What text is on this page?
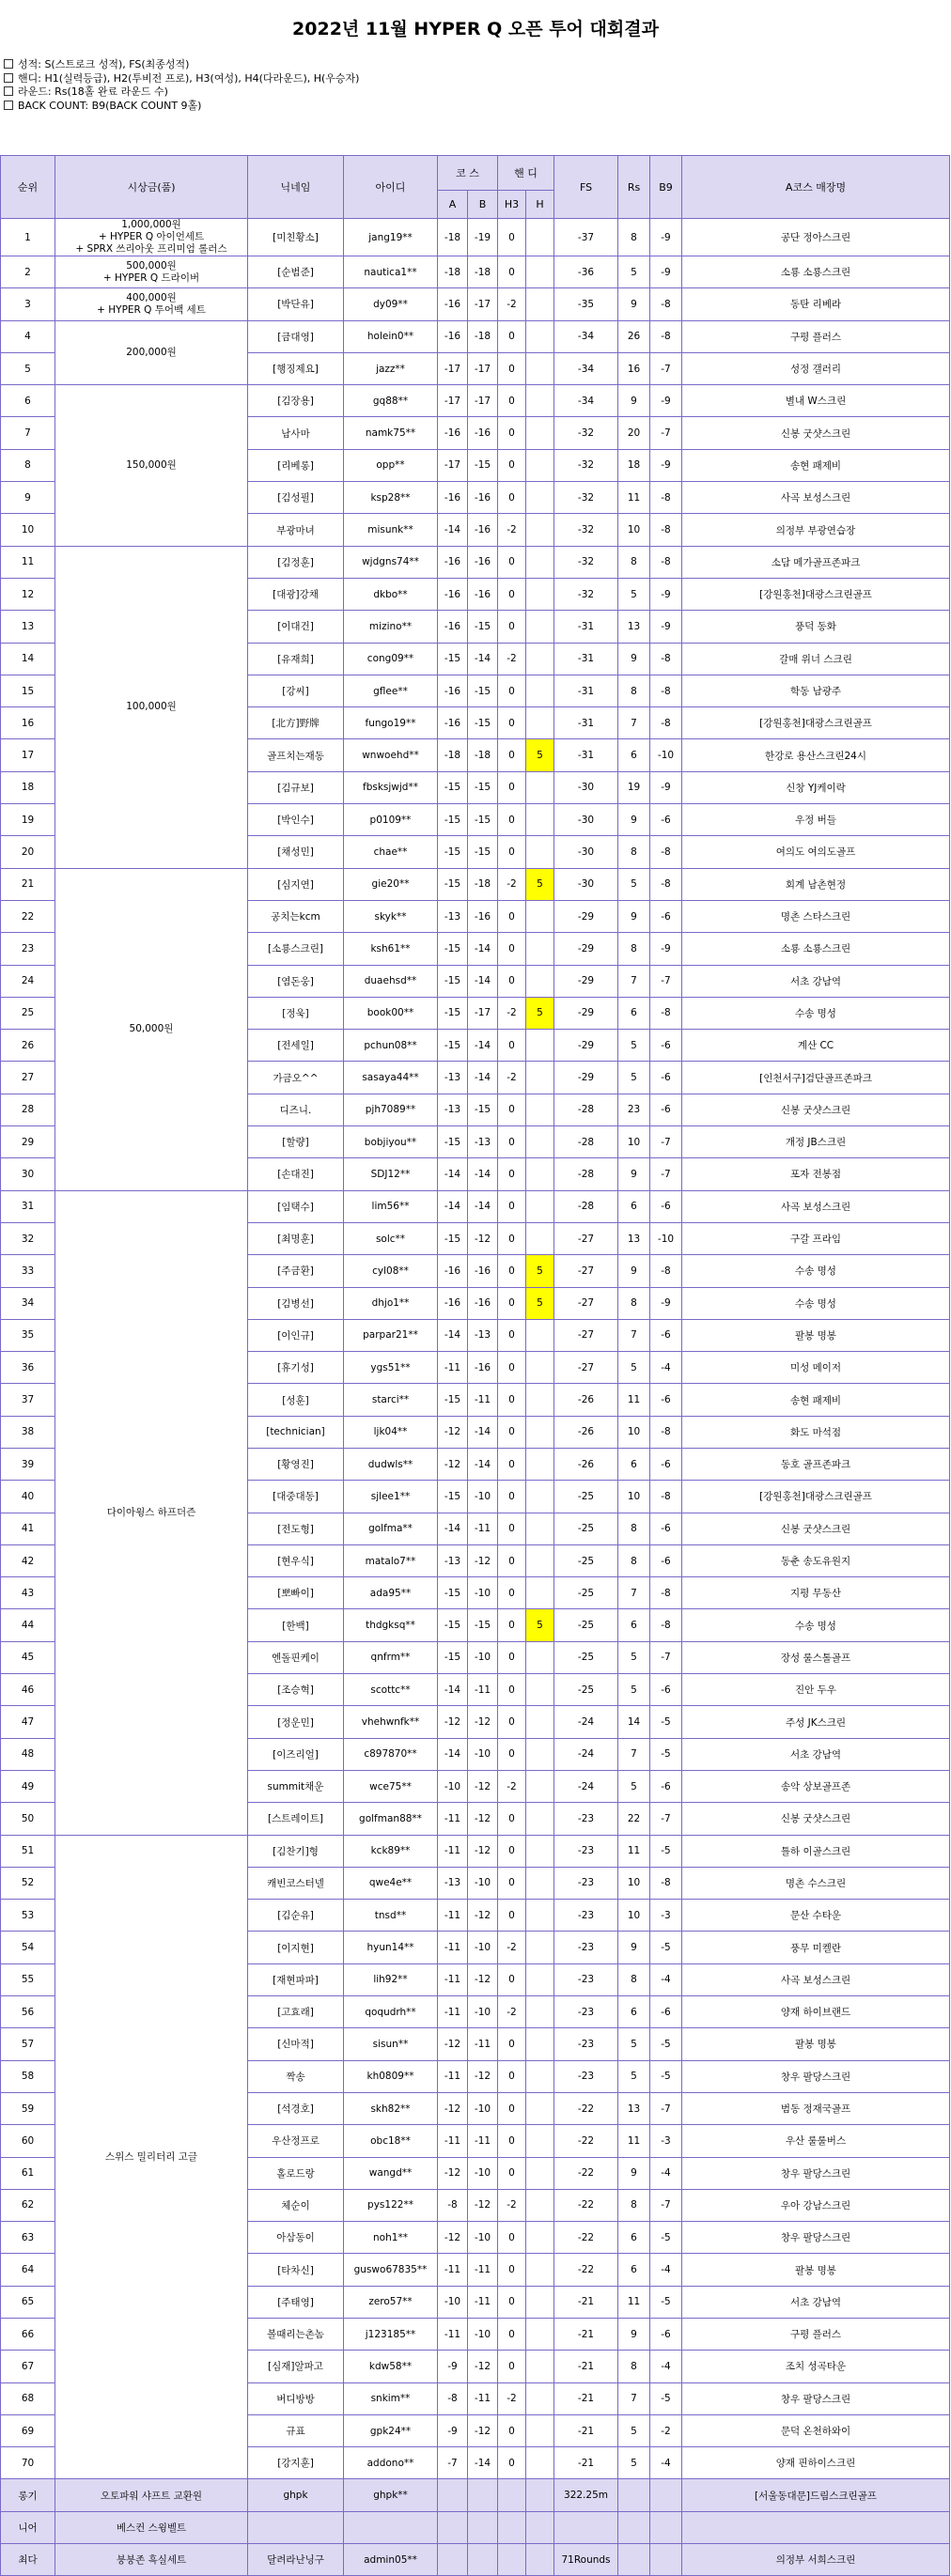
2022년 11월 HYPER Q 오픈 투어 대회결과
성적: S(스트로크 성적), FS(최종성적)
핸디: H1(실력등급), H2(투비전 프로), H3(여성), H4(다라운드), H(우승자)
라운드: Rs(18홀 완료 라운드 수)
BACK COUNT: B9(BACK COUNT 9홀)
순위	시상금(품)	닉네임	아이디	코 스		핸 디		FS	Rs	B9	A코스 매장명
				A	B	H3	H				
1	1,000,000원
+ HYPER Q 아이언세트
+ SPRX 쓰리아웃 프리미엄 롤러스	[미친황소]	jang19**	-18	-19	0		-37	8	-9	공단 정아스크린
2	500,000원
+ HYPER Q 드라이버	[순범준]	nautica1**	-18	-18	0		-36	5	-9	소룡 소룡스크린
3	400,000원
+ HYPER Q 투어백 세트	[박단유]	dy09**	-16	-17	-2		-35	9	-8	동탄 리베라
4	200,000원	[금대영]	holein0**	-16	-18	0		-34	26	-8	구평 플러스
5		[행징제요]	jazz**	-17	-17	0		-34	16	-7	성정 갤러리
6	150,000원	[김장용]	gq88**	-17	-17	0		-34	9	-9	별내 W스크린
7		남사마	namk75**	-16	-16	0		-32	20	-7	신봉 굿샷스크린
8		[리베롱]	opp**	-17	-15	0		-32	18	-9	송현 패제비
9		[김성필]	ksp28**	-16	-16	0		-32	11	-8	사곡 보성스크린
10		부광마녀	misunk**	-14	-16	-2		-32	10	-8	의정부 부광연습장
11	100,000원	[김정훈]	wjdgns74**	-16	-16	0		-32	8	-8	소담 메가골프존파크
12		[대광]강채	dkbo**	-16	-16	0		-32	5	-9	[강원홍천]대광스크린골프
13		[이대건]	mizino**	-16	-15	0		-31	13	-9	풍덕 동화
14		[유재희]	cong09**	-15	-14	-2		-31	9	-8	갈매 위너 스크린
15		[강씨]	gflee**	-16	-15	0		-31	8	-8	학동 남광주
16		[北方]野牌	fungo19**	-16	-15	0		-31	7	-8	[강원홍천]대광스크린골프
17		골프치는재동	wnwoehd**	-18	-18	0	5	-31	6	-10	한강로 용산스크린24시
18		[김규보]	fbsksjwjd**	-15	-15	0		-30	19	-9	신창 YJ케이락
19		[박인수]	p0109**	-15	-15	0		-30	9	-6	우정 버들
20		[채성민]	chae**	-15	-15	0		-30	8	-8	여의도 여의도골프
21	50,000원	[심지연]	gie20**	-15	-18	-2	5	-30	5	-8	회계 남촌현정
22		공치는kcm	skyk**	-13	-16	0		-29	9	-6	명촌 스타스크린
23		[소룡스크린]	ksh61**	-15	-14	0		-29	8	-9	소룡 소룡스크린
24		[염돈웅]	duaehsd**	-15	-14	0		-29	7	-7	서초 강남역
25		[정욱]	book00**	-15	-17	-2	5	-29	6	-8	수송 명성
26		[전세일]	pchun08**	-15	-14	0		-29	5	-6	계산 CC
27		가금오^^	sasaya44**	-13	-14	-2		-29	5	-6	[인천서구]검단골프존파크
28		디즈니.	pjh7089**	-13	-15	0		-28	23	-6	신봉 굿샷스크린
29		[할량]	bobjiyou**	-15	-13	0		-28	10	-7	개정 JB스크린
30		[손대진]	SDJ12**	-14	-14	0		-28	9	-7	포자 전봉점
31	다이아윙스 하프더즌	[임택수]	lim56**	-14	-14	0		-28	6	-6	사곡 보성스크린
32		[최명훈]	solc**	-15	-12	0		-27	13	-10	구갈 프라임
33		[주금환]	cyl08**	-16	-16	0	5	-27	9	-8	수송 명성
34		[김병선]	dhjo1**	-16	-16	0	5	-27	8	-9	수송 명성
35		[이인규]	parpar21**	-14	-13	0		-27	7	-6	팔봉 명봉
36		[휴기성]	ygs51**	-11	-16	0		-27	5	-4	미성 메이저
37		[성훈]	starci**	-15	-11	0		-26	11	-6	송현 패제비
38		[technician]	ljk04**	-12	-14	0		-26	10	-8	화도 마석점
39		[황영진]	dudwls**	-12	-14	0		-26	6	-6	동호 골프존파크
40		[대중대동]	sjlee1**	-15	-10	0		-25	10	-8	[강원홍천]대광스크린골프
41		[전도형]	golfma**	-14	-11	0		-25	8	-6	신봉 굿샷스크린
42		[현우식]	matalo7**	-13	-12	0		-25	8	-6	동춘 송도유원지
43		[뽀빠이]	ada95**	-15	-10	0		-25	7	-8	지평 무동산
44		[한백]	thdgksq**	-15	-15	0	5	-25	6	-8	수송 명성
45		엔돌핀케이	qnfrm**	-15	-10	0		-25	5	-7	장성 룰스톨골프
46		[조승혁]	scottc**	-14	-11	0		-25	5	-6	진안 두우
47		[정운민]	vhehwnfk**	-12	-12	0		-24	14	-5	주성 JK스크린
48		[이즈리얼]	c897870**	-14	-10	0		-24	7	-5	서초 강남역
49		summit채운	wce75**	-10	-12	-2		-24	5	-6	송악 상보골프존
50		[스트레이트]	golfman88**	-11	-12	0		-23	22	-7	신봉 굿샷스크린
51	스위스 밀리터리 고글	[김찬기]형	kck89**	-11	-12	0		-23	11	-5	틀하 이골스크린
52		캐빈코스터넬	qwe4e**	-13	-10	0		-23	10	-8	명촌 수스크린
53		[김순유]	tnsd**	-11	-12	0		-23	10	-3	문산 수타운
54		[이지현]	hyun14**	-11	-10	-2		-23	9	-5	풍무 미켈란
55		[재현파파]	lih92**	-11	-12	0		-23	8	-4	사곡 보성스크린
56		[고효래]	qoqudrh**	-11	-10	-2		-23	6	-6	양재 하이브랜드
57		[신마적]	sisun**	-12	-11	0		-23	5	-5	팔봉 명봉
58		짝송	kh0809**	-11	-12	0		-23	5	-5	창우 팔당스크린
59		[석경호]	skh82**	-12	-10	0		-22	13	-7	범동 정재국골프
60		우산정프로	obc18**	-11	-11	0		-22	11	-3	우산 룰룰버스
61		홀로드랑	wangd**	-12	-10	0		-22	9	-4	창우 팔당스크린
62		체순이	pys122**	-8	-12	-2		-22	8	-7	우아 강남스크린
63		아삼동이	noh1**	-12	-10	0		-22	6	-5	창우 팔당스크린
64		[타차신]	guswo67835**	-11	-11	0		-22	6	-4	팔봉 명봉
65		[주태영]	zero57**	-10	-11	0		-21	11	-5	서초 강남역
66		볼때리는촌놈	j123185**	-11	-10	0		-21	9	-6	구평 플러스
67		[심재]알파고	kdw58**	-9	-12	0		-21	8	-4	조치 성곡타운
68		버디방방	snkim**	-8	-11	-2		-21	7	-5	창우 팔당스크린
69		규표	gpk24**	-9	-12	0		-21	5	-2	문덕 온천하와이
70		[강지훈]	addono**	-7	-14	0		-21	5	-4	양재 핀하이스크린
롱기	오토파워 샤프트 교환원	ghpk	ghpk**					322.25m			[서울동대문]드림스크린골프
니어	베스컨 스윙벨트										
최다	붕붕존 흑실세트	달려라난닝구	admin05**					71Rounds			의정부 서희스크린
